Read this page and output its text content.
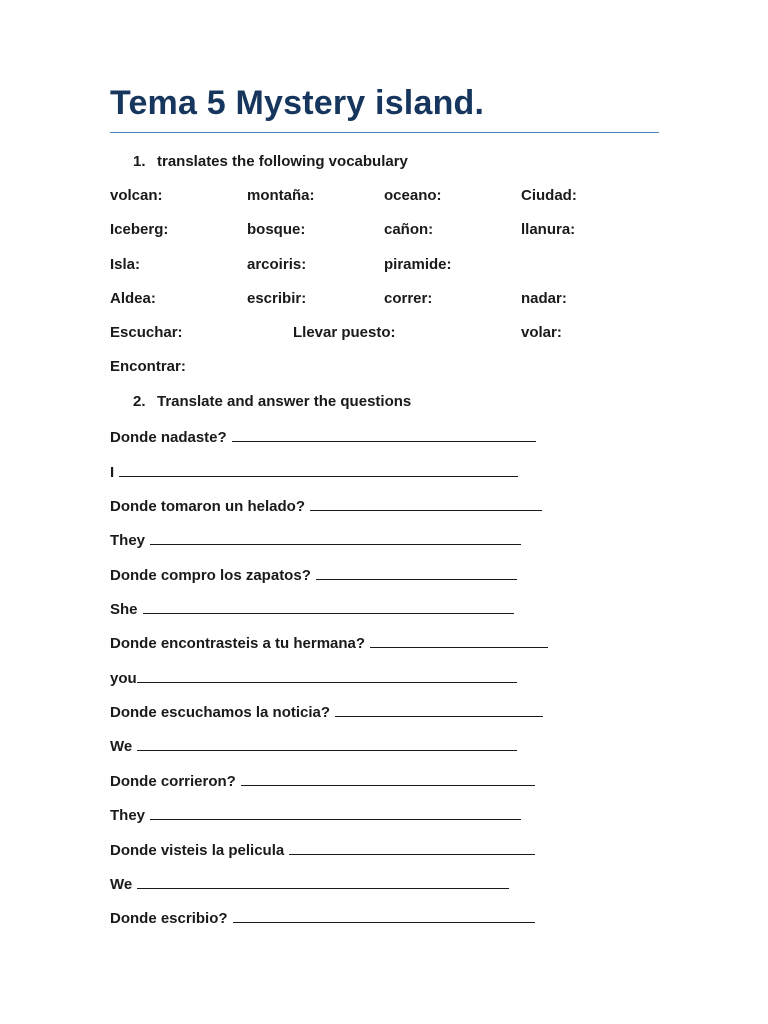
Tema 5 Mystery island.
1. translates the following vocabulary
volcan:	montaña:	oceano:	Ciudad:
Iceberg:	bosque:	cañon:	llanura:
Isla:	arcoiris:	piramide:
Aldea:	escribir:	correr:	nadar:
Escuchar:	Llevar puesto:	volar:
Encontrar:
2. Translate and answer the questions
Donde nadaste?
I
Donde tomaron un helado?
They
Donde compro los zapatos?
She
Donde encontrasteis a tu hermana?
you
Donde escuchamos la noticia?
We
Donde corrieron?
They
Donde visteis la pelicula
We
Donde escribio?
